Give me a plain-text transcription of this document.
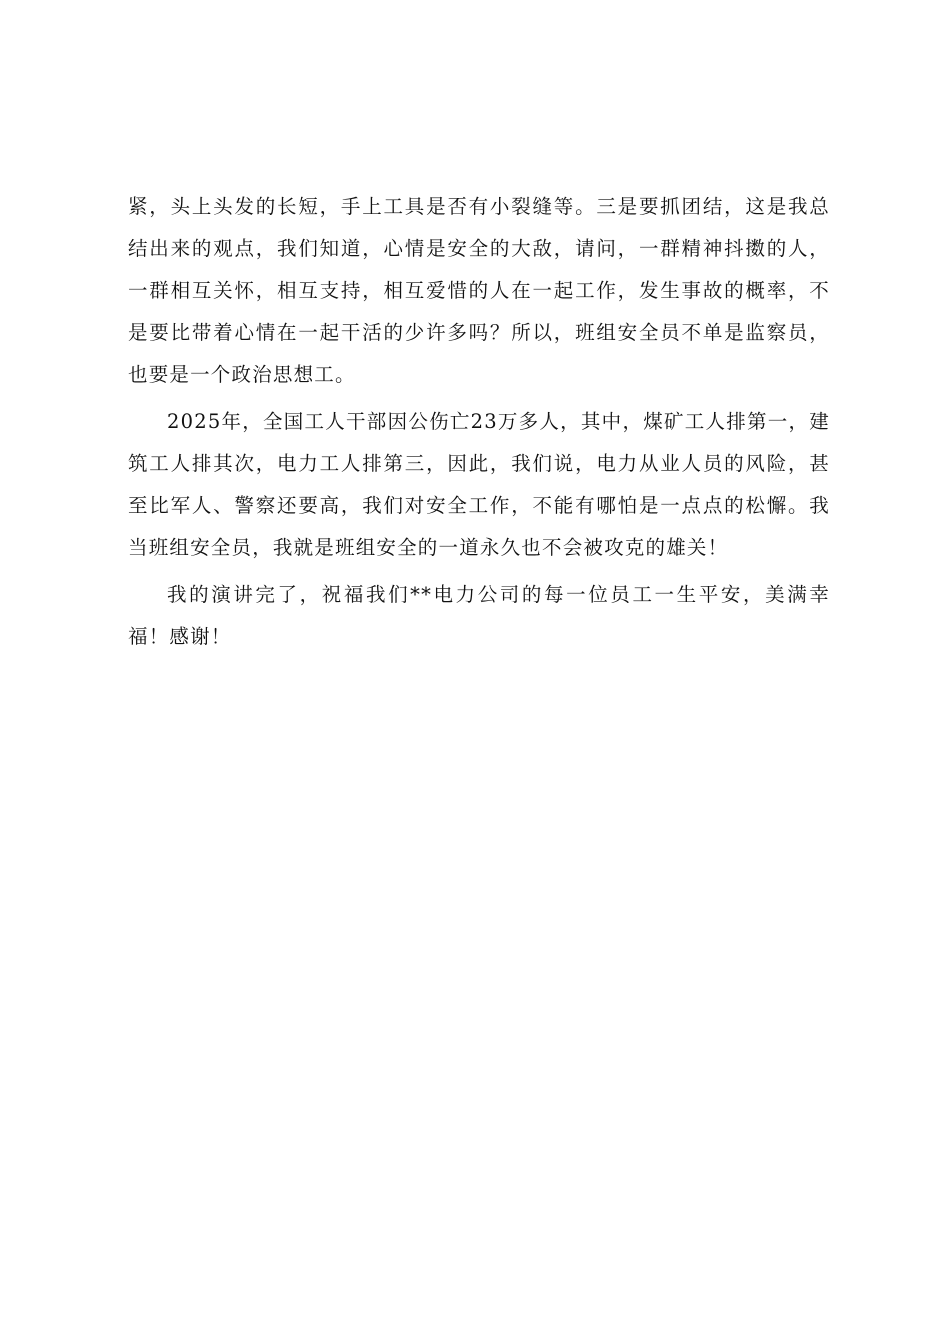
紧，头上头发的长短，手上工具是否有小裂缝等。三是要抓团结，这是我总结出来的观点，我们知道，心情是安全的大敌，请问，一群精神抖擞的人，一群相互关怀，相互支持，相互爱惜的人在一起工作，发生事故的概率，不是要比带着心情在一起干活的少许多吗？所以，班组安全员不单是监察员，也要是一个政治思想工。

2025年，全国工人干部因公伤亡23万多人，其中，煤矿工人排第一，建筑工人排其次，电力工人排第三，因此，我们说，电力从业人员的风险，甚至比军人、警察还要高，我们对安全工作，不能有哪怕是一点点的松懈。我当班组安全员，我就是班组安全的一道永久也不会被攻克的雄关！

我的演讲完了，祝福我们**电力公司的每一位员工一生平安，美满幸福！感谢！
